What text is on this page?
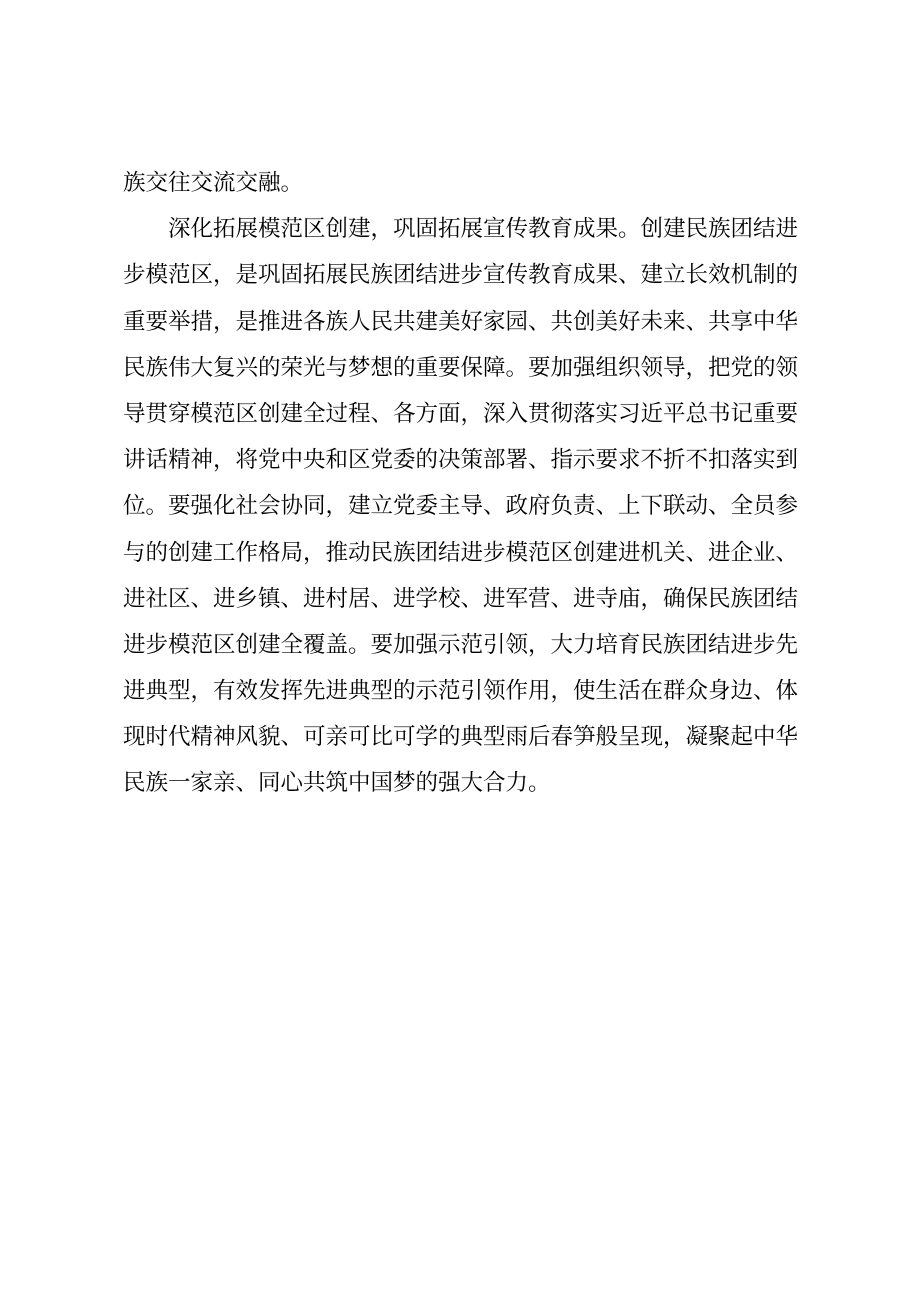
族交往交流交融。
深化拓展模范区创建，巩固拓展宣传教育成果。创建民族团结进
步模范区，是巩固拓展民族团结进步宣传教育成果、建立长效机制的
重要举措，是推进各族人民共建美好家园、共创美好未来、共享中华
民族伟大复兴的荣光与梦想的重要保障。要加强组织领导，把党的领
导贯穿模范区创建全过程、各方面，深入贯彻落实习近平总书记重要
讲话精神，将党中央和区党委的决策部署、指示要求不折不扣落实到
位。要强化社会协同，建立党委主导、政府负责、上下联动、全员参
与的创建工作格局，推动民族团结进步模范区创建进机关、进企业、
进社区、进乡镇、进村居、进学校、进军营、进寺庙，确保民族团结
进步模范区创建全覆盖。要加强示范引领，大力培育民族团结进步先
进典型，有效发挥先进典型的示范引领作用，使生活在群众身边、体
现时代精神风貌、可亲可比可学的典型雨后春笋般呈现，凝聚起中华
民族一家亲、同心共筑中国梦的强大合力。
